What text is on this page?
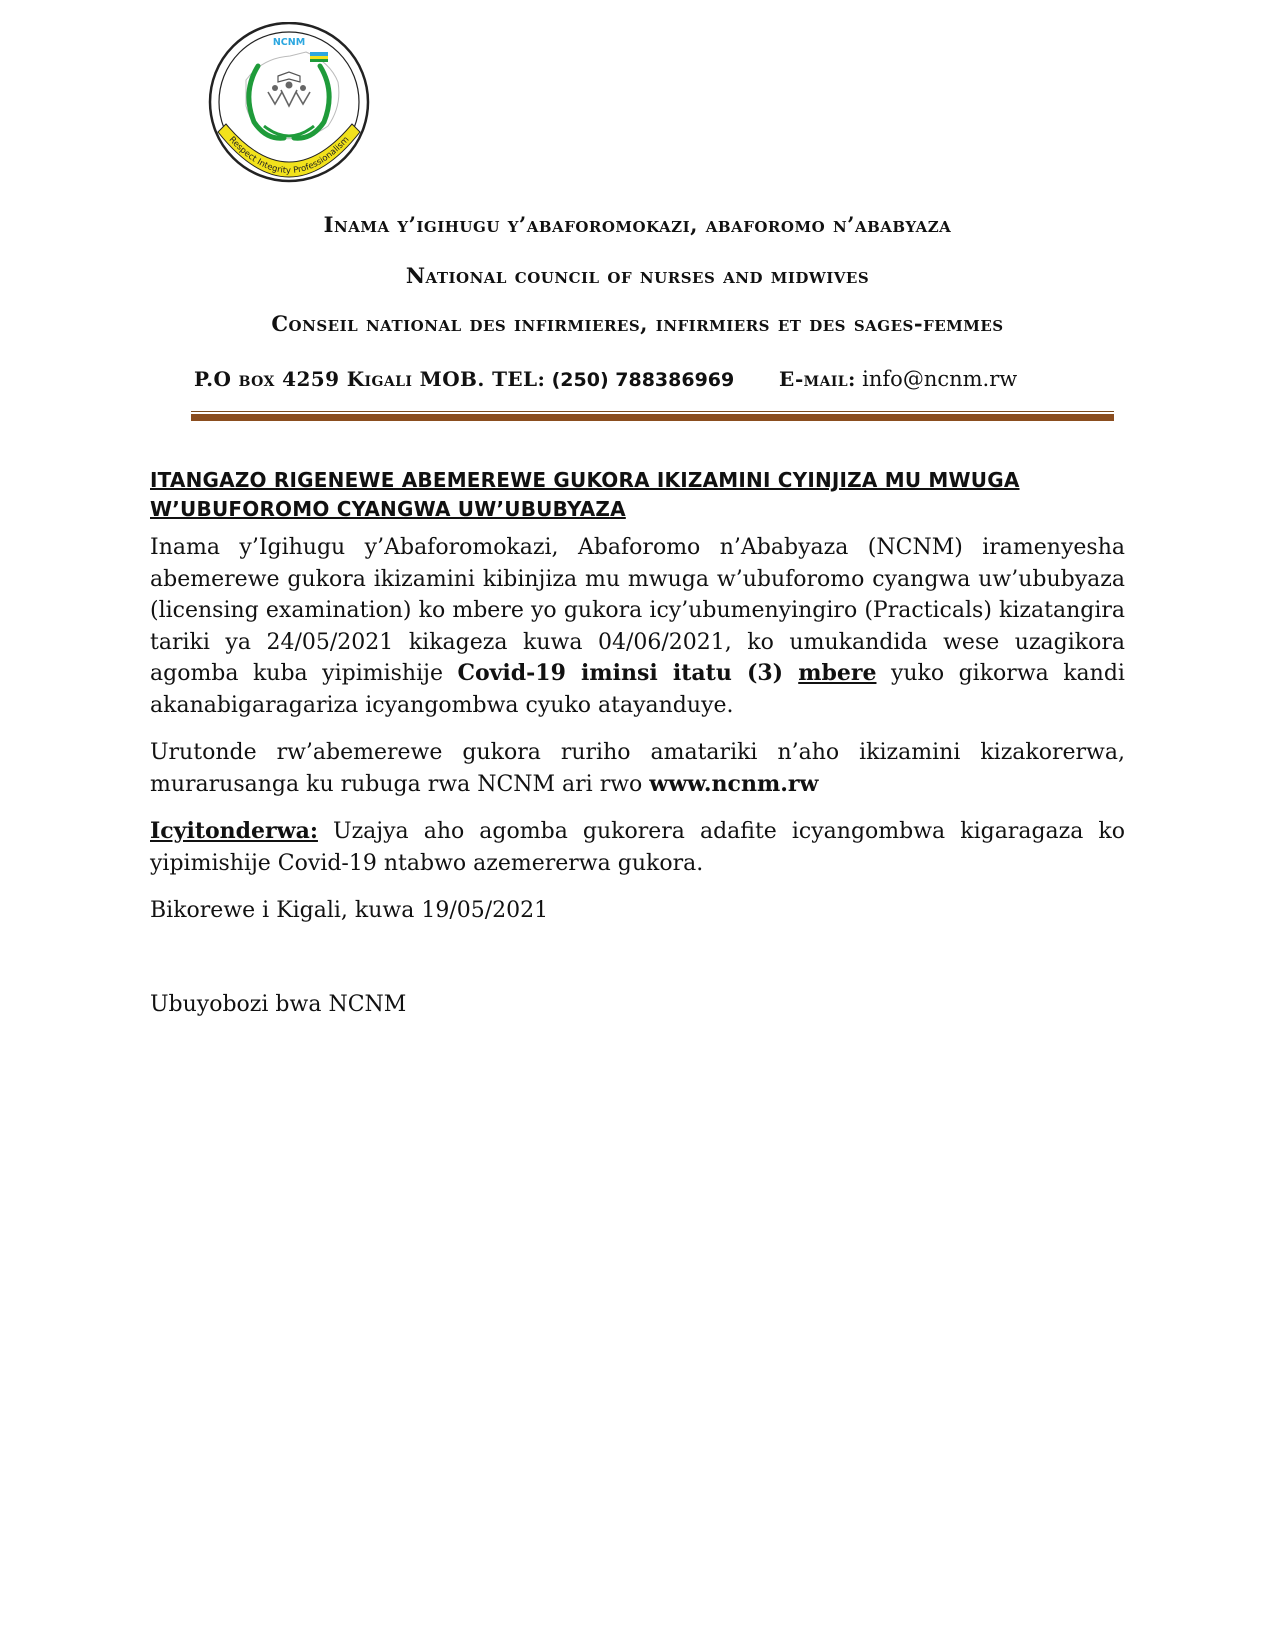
Respect Integrity Professionalism
NCNM
Inama y’igihugu y’abaforomokazi, abaforomo n’ababyaza
National council of nurses and midwives
Conseil national des infirmieres, infirmiers et des sages-femmes
P.O box 4259 Kigali MOB. TEL: (250) 788386969 E-mail: info@ncnm.rw

ITANGAZO RIGENEWE ABEMEREWE GUKORA IKIZAMINI CYINJIZA MU MWUGA W’UBUFOROMO CYANGWA UW’UBUBYAZA

Inama y’Igihugu y’Abaforomokazi, Abaforomo n’Ababyaza (NCNM) iramenyesha abemerewe gukora ikizamini kibinjiza mu mwuga w’ubuforomo cyangwa uw’ububyaza (licensing examination) ko mbere yo gukora icy’ubumenyingiro (Practicals) kizatangira tariki ya 24/05/2021 kikageza kuwa 04/06/2021, ko umukandida wese uzagikora agomba kuba yipimishije Covid-19 iminsi itatu (3) mbere yuko gikorwa kandi akanabigaragariza icyangombwa cyuko atayanduye.

Urutonde rw’abemerewe gukora ruriho amatariki n’aho ikizamini kizakorerwa, murarusanga ku rubuga rwa NCNM ari rwo www.ncnm.rw

Icyitonderwa: Uzajya aho agomba gukorera adafite icyangombwa kigaragaza ko yipimishije Covid-19 ntabwo azemererwa gukora.

Bikorewe i Kigali, kuwa 19/05/2021

Ubuyobozi bwa NCNM
